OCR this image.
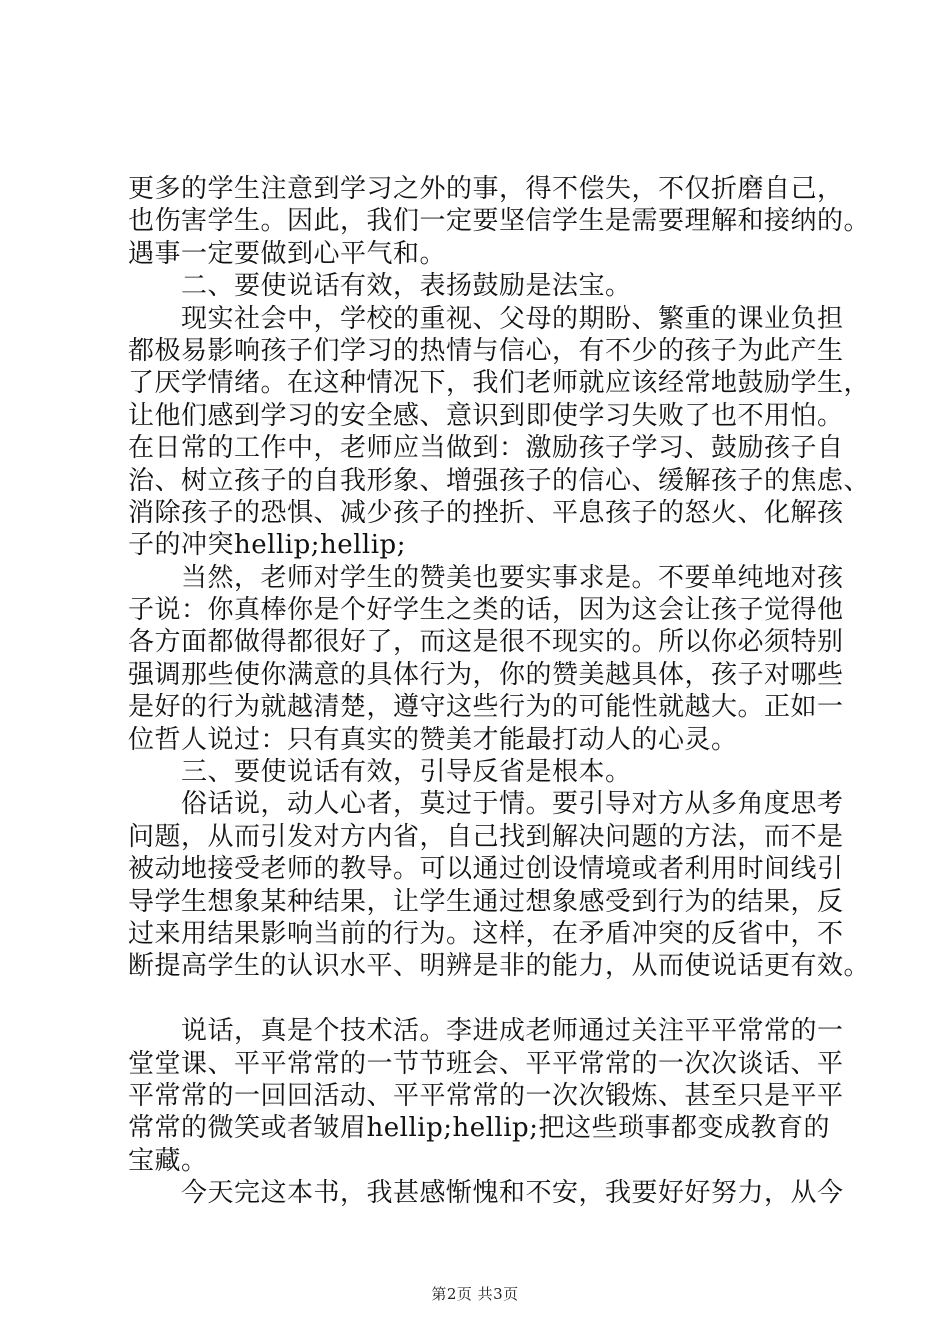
更多的学生注意到学习之外的事，得不偿失，不仅折磨自己，
也伤害学生。因此，我们一定要坚信学生是需要理解和接纳的。
遇事一定要做到心平气和。
　　二、要使说话有效，表扬鼓励是法宝。
　　现实社会中，学校的重视、父母的期盼、繁重的课业负担
都极易影响孩子们学习的热情与信心，有不少的孩子为此产生
了厌学情绪。在这种情况下，我们老师就应该经常地鼓励学生，
让他们感到学习的安全感、意识到即使学习失败了也不用怕。
在日常的工作中，老师应当做到：激励孩子学习、鼓励孩子自
治、树立孩子的自我形象、增强孩子的信心、缓解孩子的焦虑、
消除孩子的恐惧、减少孩子的挫折、平息孩子的怒火、化解孩
子的冲突hellip;hellip;
　　当然，老师对学生的赞美也要实事求是。不要单纯地对孩
子说：你真棒你是个好学生之类的话，因为这会让孩子觉得他
各方面都做得都很好了，而这是很不现实的。所以你必须特别
强调那些使你满意的具体行为，你的赞美越具体，孩子对哪些
是好的行为就越清楚，遵守这些行为的可能性就越大。正如一
位哲人说过：只有真实的赞美才能最打动人的心灵。
　　三、要使说话有效，引导反省是根本。
　　俗话说，动人心者，莫过于情。要引导对方从多角度思考
问题，从而引发对方内省，自己找到解决问题的方法，而不是
被动地接受老师的教导。可以通过创设情境或者利用时间线引
导学生想象某种结果，让学生通过想象感受到行为的结果，反
过来用结果影响当前的行为。这样，在矛盾冲突的反省中，不
断提高学生的认识水平、明辨是非的能力，从而使说话更有效。
　　说话，真是个技术活。李进成老师通过关注平平常常的一
堂堂课、平平常常的一节节班会、平平常常的一次次谈话、平
平常常的一回回活动、平平常常的一次次锻炼、甚至只是平平
常常的微笑或者皱眉hellip;hellip;把这些琐事都变成教育的
宝藏。
　　今天完这本书，我甚感惭愧和不安，我要好好努力，从今
第2页 共3页
